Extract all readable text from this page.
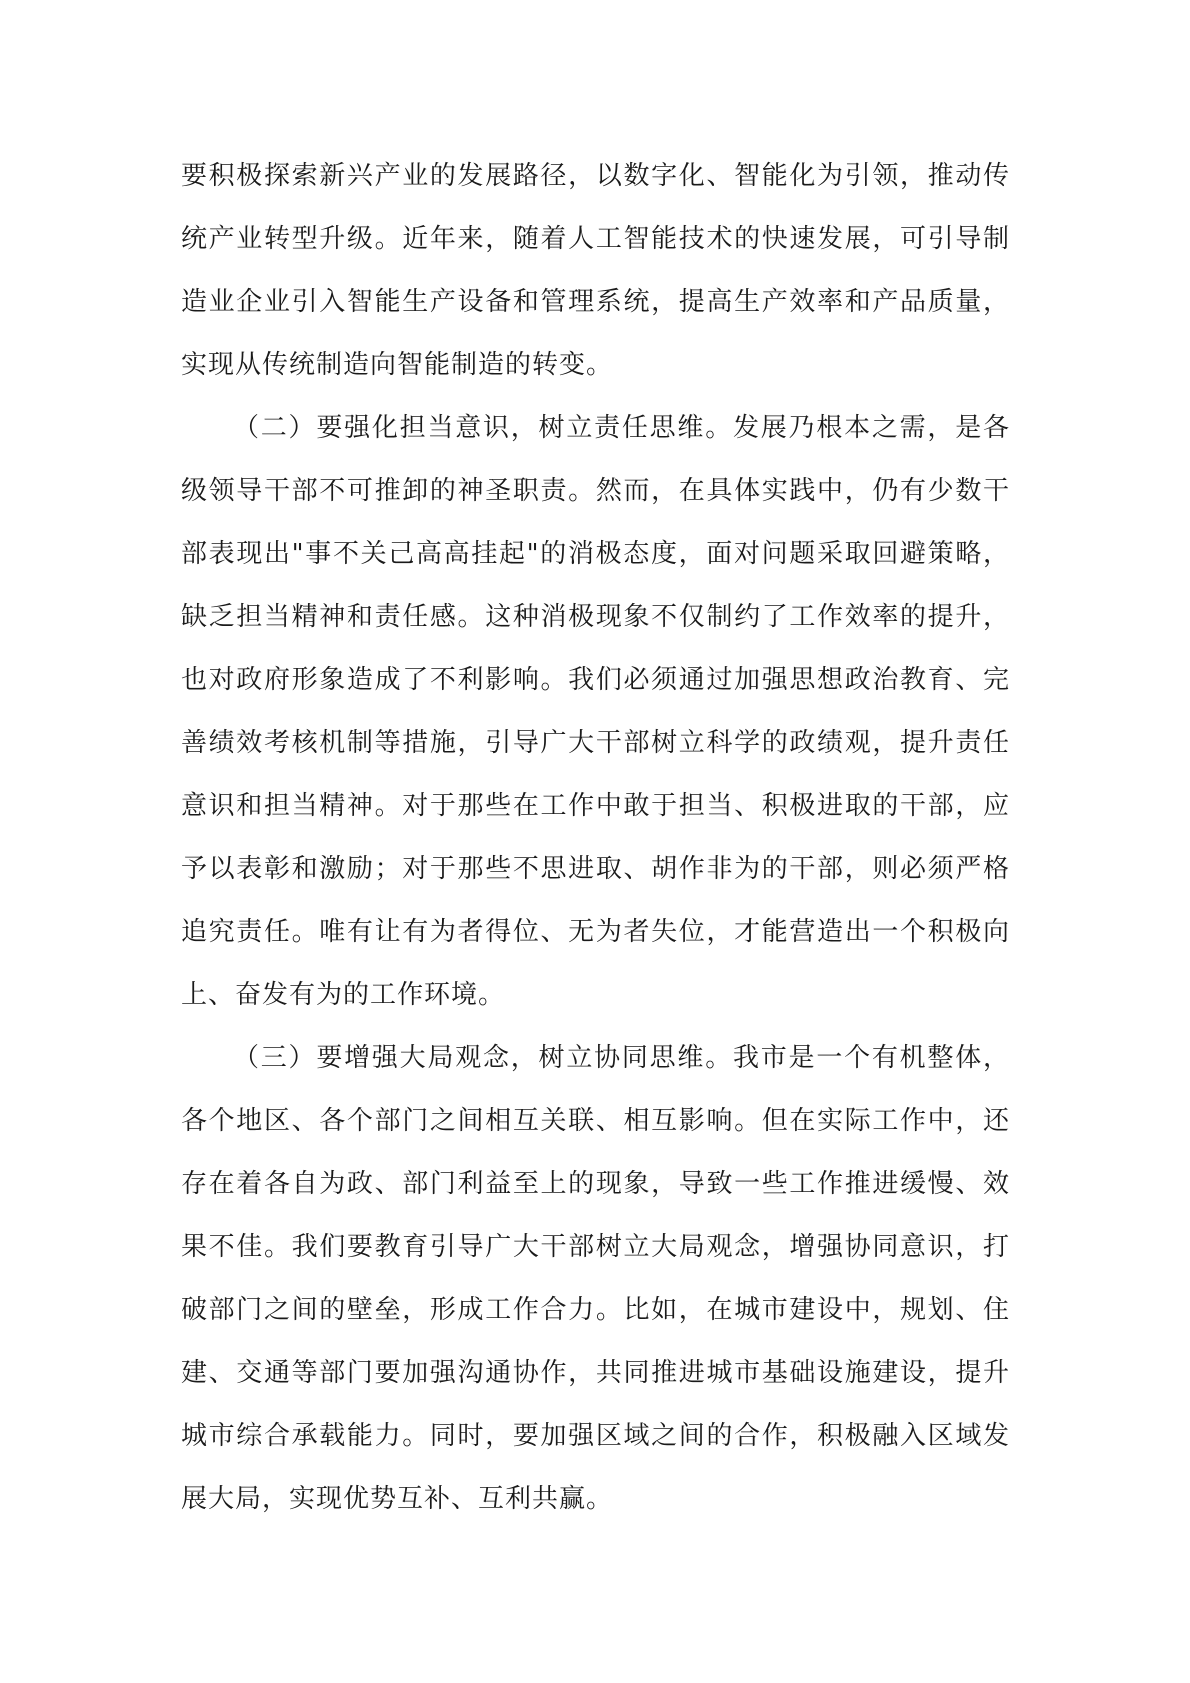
要积极探索新兴产业的发展路径，以数字化、智能化为引领，推动传
统产业转型升级。近年来，随着人工智能技术的快速发展，可引导制
造业企业引入智能生产设备和管理系统，提高生产效率和产品质量，
实现从传统制造向智能制造的转变。
（二）要强化担当意识，树立责任思维。发展乃根本之需，是各
级领导干部不可推卸的神圣职责。然而，在具体实践中，仍有少数干
部表现出"事不关己高高挂起"的消极态度，面对问题采取回避策略，
缺乏担当精神和责任感。这种消极现象不仅制约了工作效率的提升，
也对政府形象造成了不利影响。我们必须通过加强思想政治教育、完
善绩效考核机制等措施，引导广大干部树立科学的政绩观，提升责任
意识和担当精神。对于那些在工作中敢于担当、积极进取的干部，应
予以表彰和激励；对于那些不思进取、胡作非为的干部，则必须严格
追究责任。唯有让有为者得位、无为者失位，才能营造出一个积极向
上、奋发有为的工作环境。
（三）要增强大局观念，树立协同思维。我市是一个有机整体，
各个地区、各个部门之间相互关联、相互影响。但在实际工作中，还
存在着各自为政、部门利益至上的现象，导致一些工作推进缓慢、效
果不佳。我们要教育引导广大干部树立大局观念，增强协同意识，打
破部门之间的壁垒，形成工作合力。比如，在城市建设中，规划、住
建、交通等部门要加强沟通协作，共同推进城市基础设施建设，提升
城市综合承载能力。同时，要加强区域之间的合作，积极融入区域发
展大局，实现优势互补、互利共赢。
